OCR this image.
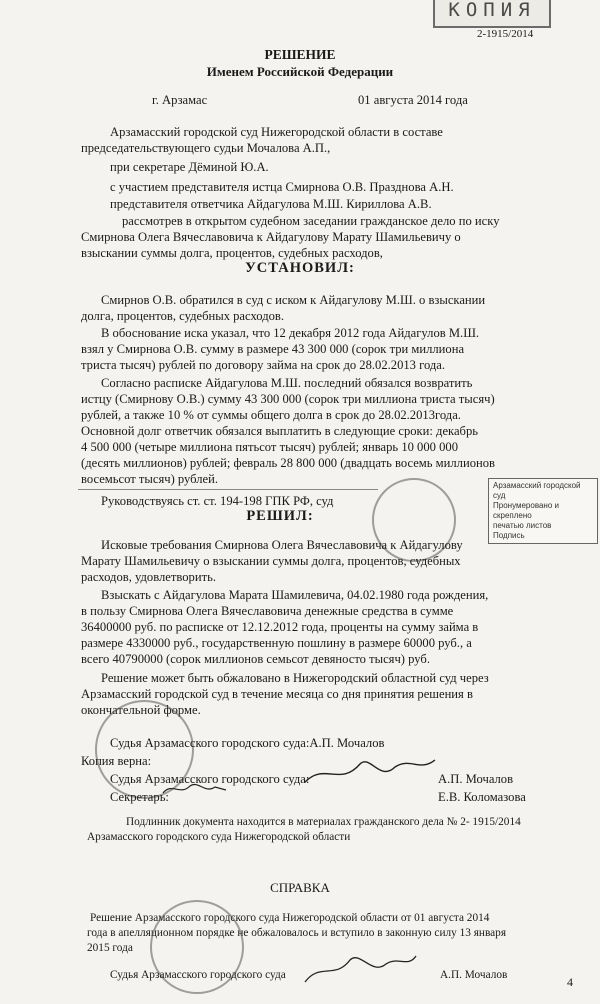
КОПИЯ
2-1915/2014
РЕШЕНИЕ
Именем Российской Федерации
г. Арзамас	01 августа 2014 года
Арзамасский городской суд Нижегородской области в составе
председательствующего судьи Мочалова А.П.,
при секретаре Дёминой Ю.А.
с участием представителя истца Смирнова О.В. Празднова А.Н.
представителя ответчика Айдагулова М.Ш. Кириллова А.В.
рассмотрев в открытом судебном заседании гражданское дело по иску
Смирнова Олега Вячеславовича к Айдагулову Марату Шамильевичу о
взыскании суммы долга, процентов, судебных расходов,
УСТАНОВИЛ:
Смирнов О.В. обратился в суд с иском к Айдагулову М.Ш. о взыскании
долга, процентов, судебных расходов.
В обоснование иска указал, что 12 декабря 2012 года Айдагулов М.Ш.
взял у Смирнова О.В. сумму в размере 43 300 000 (сорок три миллиона
триста тысяч) рублей по договору займа на срок до 28.02.2013 года.
Согласно расписке Айдагулова М.Ш. последний обязался возвратить
истцу (Смирнову О.В.) сумму 43 300 000 (сорок три миллиона триста тысяч)
рублей, а также 10 % от суммы общего долга в срок до 28.02.2013года.
Основной долг ответчик обязался выплатить в следующие сроки: декабрь
4 500 000 (четыре миллиона пятьсот тысяч) рублей; январь 10 000 000
(десять миллионов) рублей; февраль 28 800 000 (двадцать восемь миллионов
восемьсот тысяч) рублей.
Руководствуясь ст. ст. 194-198 ГПК РФ, суд
Арзамасский городской суд
Пронумеровано и скреплено
печатью листов
Подпись
РЕШИЛ:
Исковые требования Смирнова Олега Вячеславовича к Айдагулову
Марату Шамильевичу о взыскании суммы долга, процентов, судебных
расходов, удовлетворить.
Взыскать с Айдагулова Марата Шамилевича, 04.02.1980 года рождения,
в пользу Смирнова Олега Вячеславовича денежные средства в сумме
36400000 руб. по расписке от 12.12.2012 года, проценты на сумму займа в
размере 4330000 руб., государственную пошлину в размере 60000 руб., а
всего 40790000 (сорок миллионов семьсот девяносто тысяч) руб.
Решение может быть обжаловано в Нижегородский областной суд через
Арзамасский городской суд в течение месяца со дня принятия решения в
окончательной форме.
Судья Арзамасского городского суда:А.П. Мочалов
Копия верна:
Судья Арзамасского городского суда:	А.П. Мочалов
Секретарь:	Е.В. Коломазова
Подлинник документа находится в материалах гражданского дела № 2- 1915/2014
Арзамасского городского суда Нижегородской области
СПРАВКА
Решение Арзамасского городского суда Нижегородской области от 01 августа 2014
года в апелляционном порядке не обжаловалось и вступило в законную силу 13 января
2015 года
Судья Арзамасского городского суда	А.П. Мочалов	4
